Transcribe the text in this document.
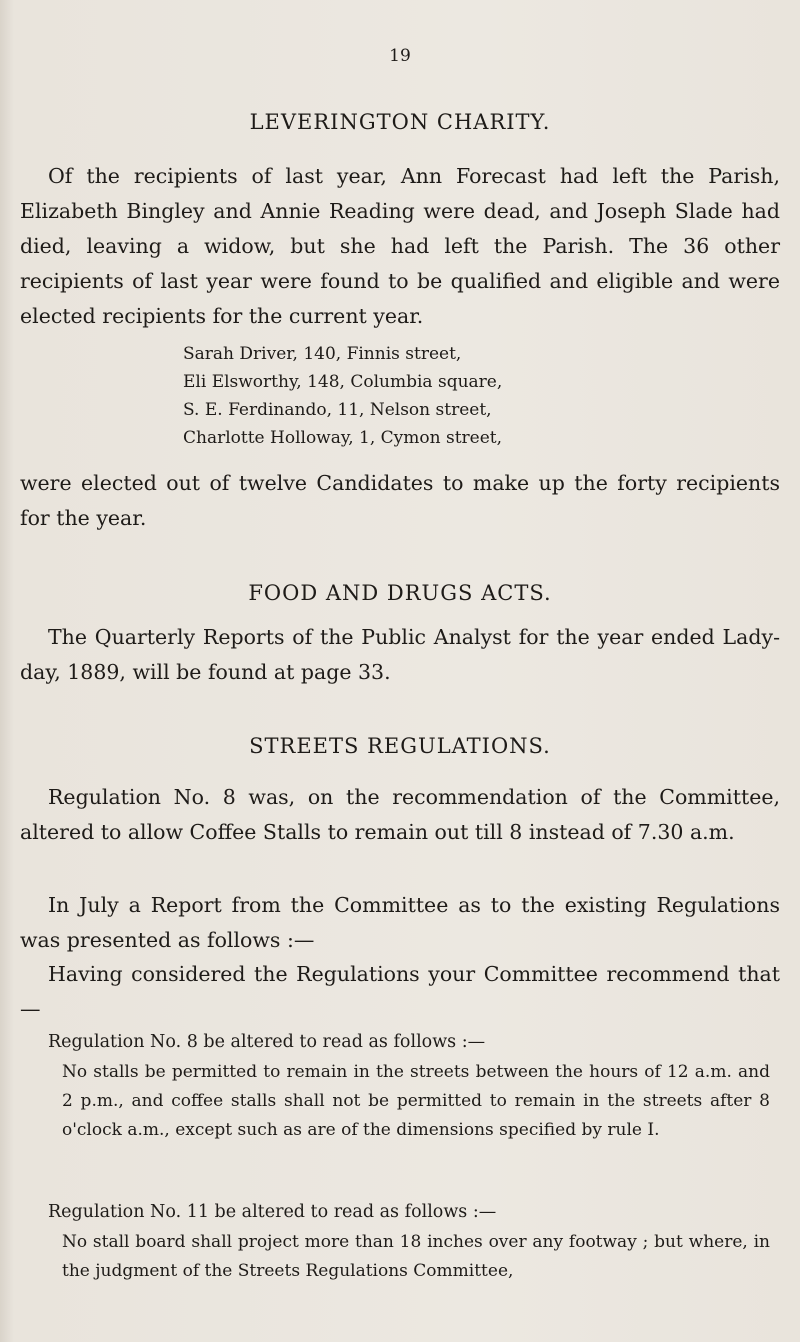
19
LEVERINGTON CHARITY.

Of the recipients of last year, Ann Forecast had left the Parish, Elizabeth Bingley and Annie Reading were dead, and Joseph Slade had died, leaving a widow, but she had left the Parish. The 36 other recipients of last year were found to be qualified and eligible and were elected recipients for the current year.

Sarah Driver, 140, Finnis street,
Eli Elsworthy, 148, Columbia square,
S. E. Ferdinando, 11, Nelson street,
Charlotte Holloway, 1, Cymon street,

were elected out of twelve Candidates to make up the forty recipients for the year.

FOOD AND DRUGS ACTS.

The Quarterly Reports of the Public Analyst for the year ended Lady-day, 1889, will be found at page 33.

STREETS REGULATIONS.

Regulation No. 8 was, on the recommendation of the Committee, altered to allow Coffee Stalls to remain out till 8 instead of 7.30 a.m.

In July a Report from the Committee as to the existing Regulations was presented as follows :—

Having considered the Regulations your Committee recommend that—

Regulation No. 8 be altered to read as follows :—

No stalls be permitted to remain in the streets between the hours of 12 a.m. and 2 p.m., and coffee stalls shall not be permitted to remain in the streets after 8 o'clock a.m., except such as are of the dimensions specified by rule I.

Regulation No. 11 be altered to read as follows :—

No stall board shall project more than 18 inches over any footway ; but where, in the judgment of the Streets Regulations Committee,
